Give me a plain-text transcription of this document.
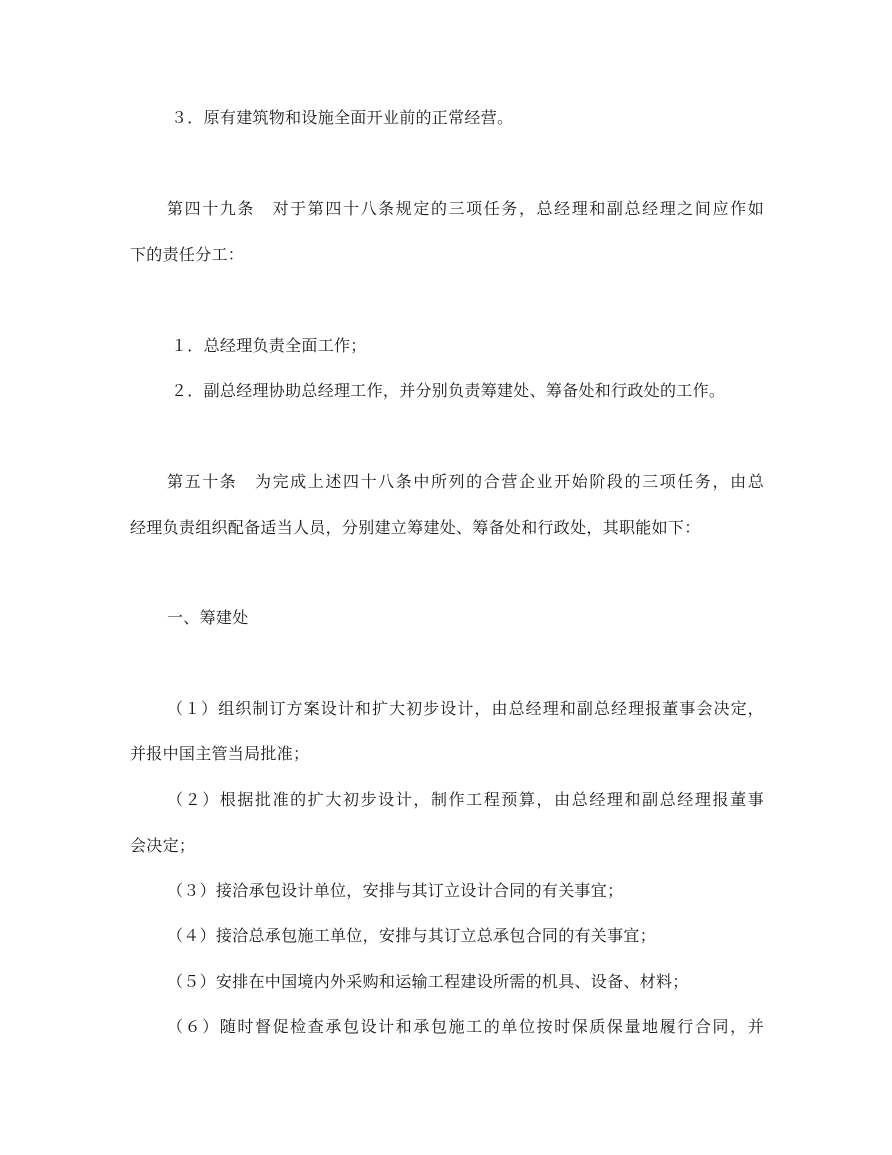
３．原有建筑物和设施全面开业前的正常经营。
第四十九条　对于第四十八条规定的三项任务，总经理和副总经理之间应作如
下的责任分工：
１．总经理负责全面工作；
２．副总经理协助总经理工作，并分别负责筹建处、筹备处和行政处的工作。
第五十条　为完成上述四十八条中所列的合营企业开始阶段的三项任务，由总
经理负责组织配备适当人员，分别建立筹建处、筹备处和行政处，其职能如下：
一、筹建处
（１）组织制订方案设计和扩大初步设计，由总经理和副总经理报董事会决定，
并报中国主管当局批准；
（２）根据批准的扩大初步设计，制作工程预算，由总经理和副总经理报董事
会决定；
（３）接洽承包设计单位，安排与其订立设计合同的有关事宜；
（４）接洽总承包施工单位，安排与其订立总承包合同的有关事宜；
（５）安排在中国境内外采购和运输工程建设所需的机具、设备、材料；
（６）随时督促检查承包设计和承包施工的单位按时保质保量地履行合同，并
